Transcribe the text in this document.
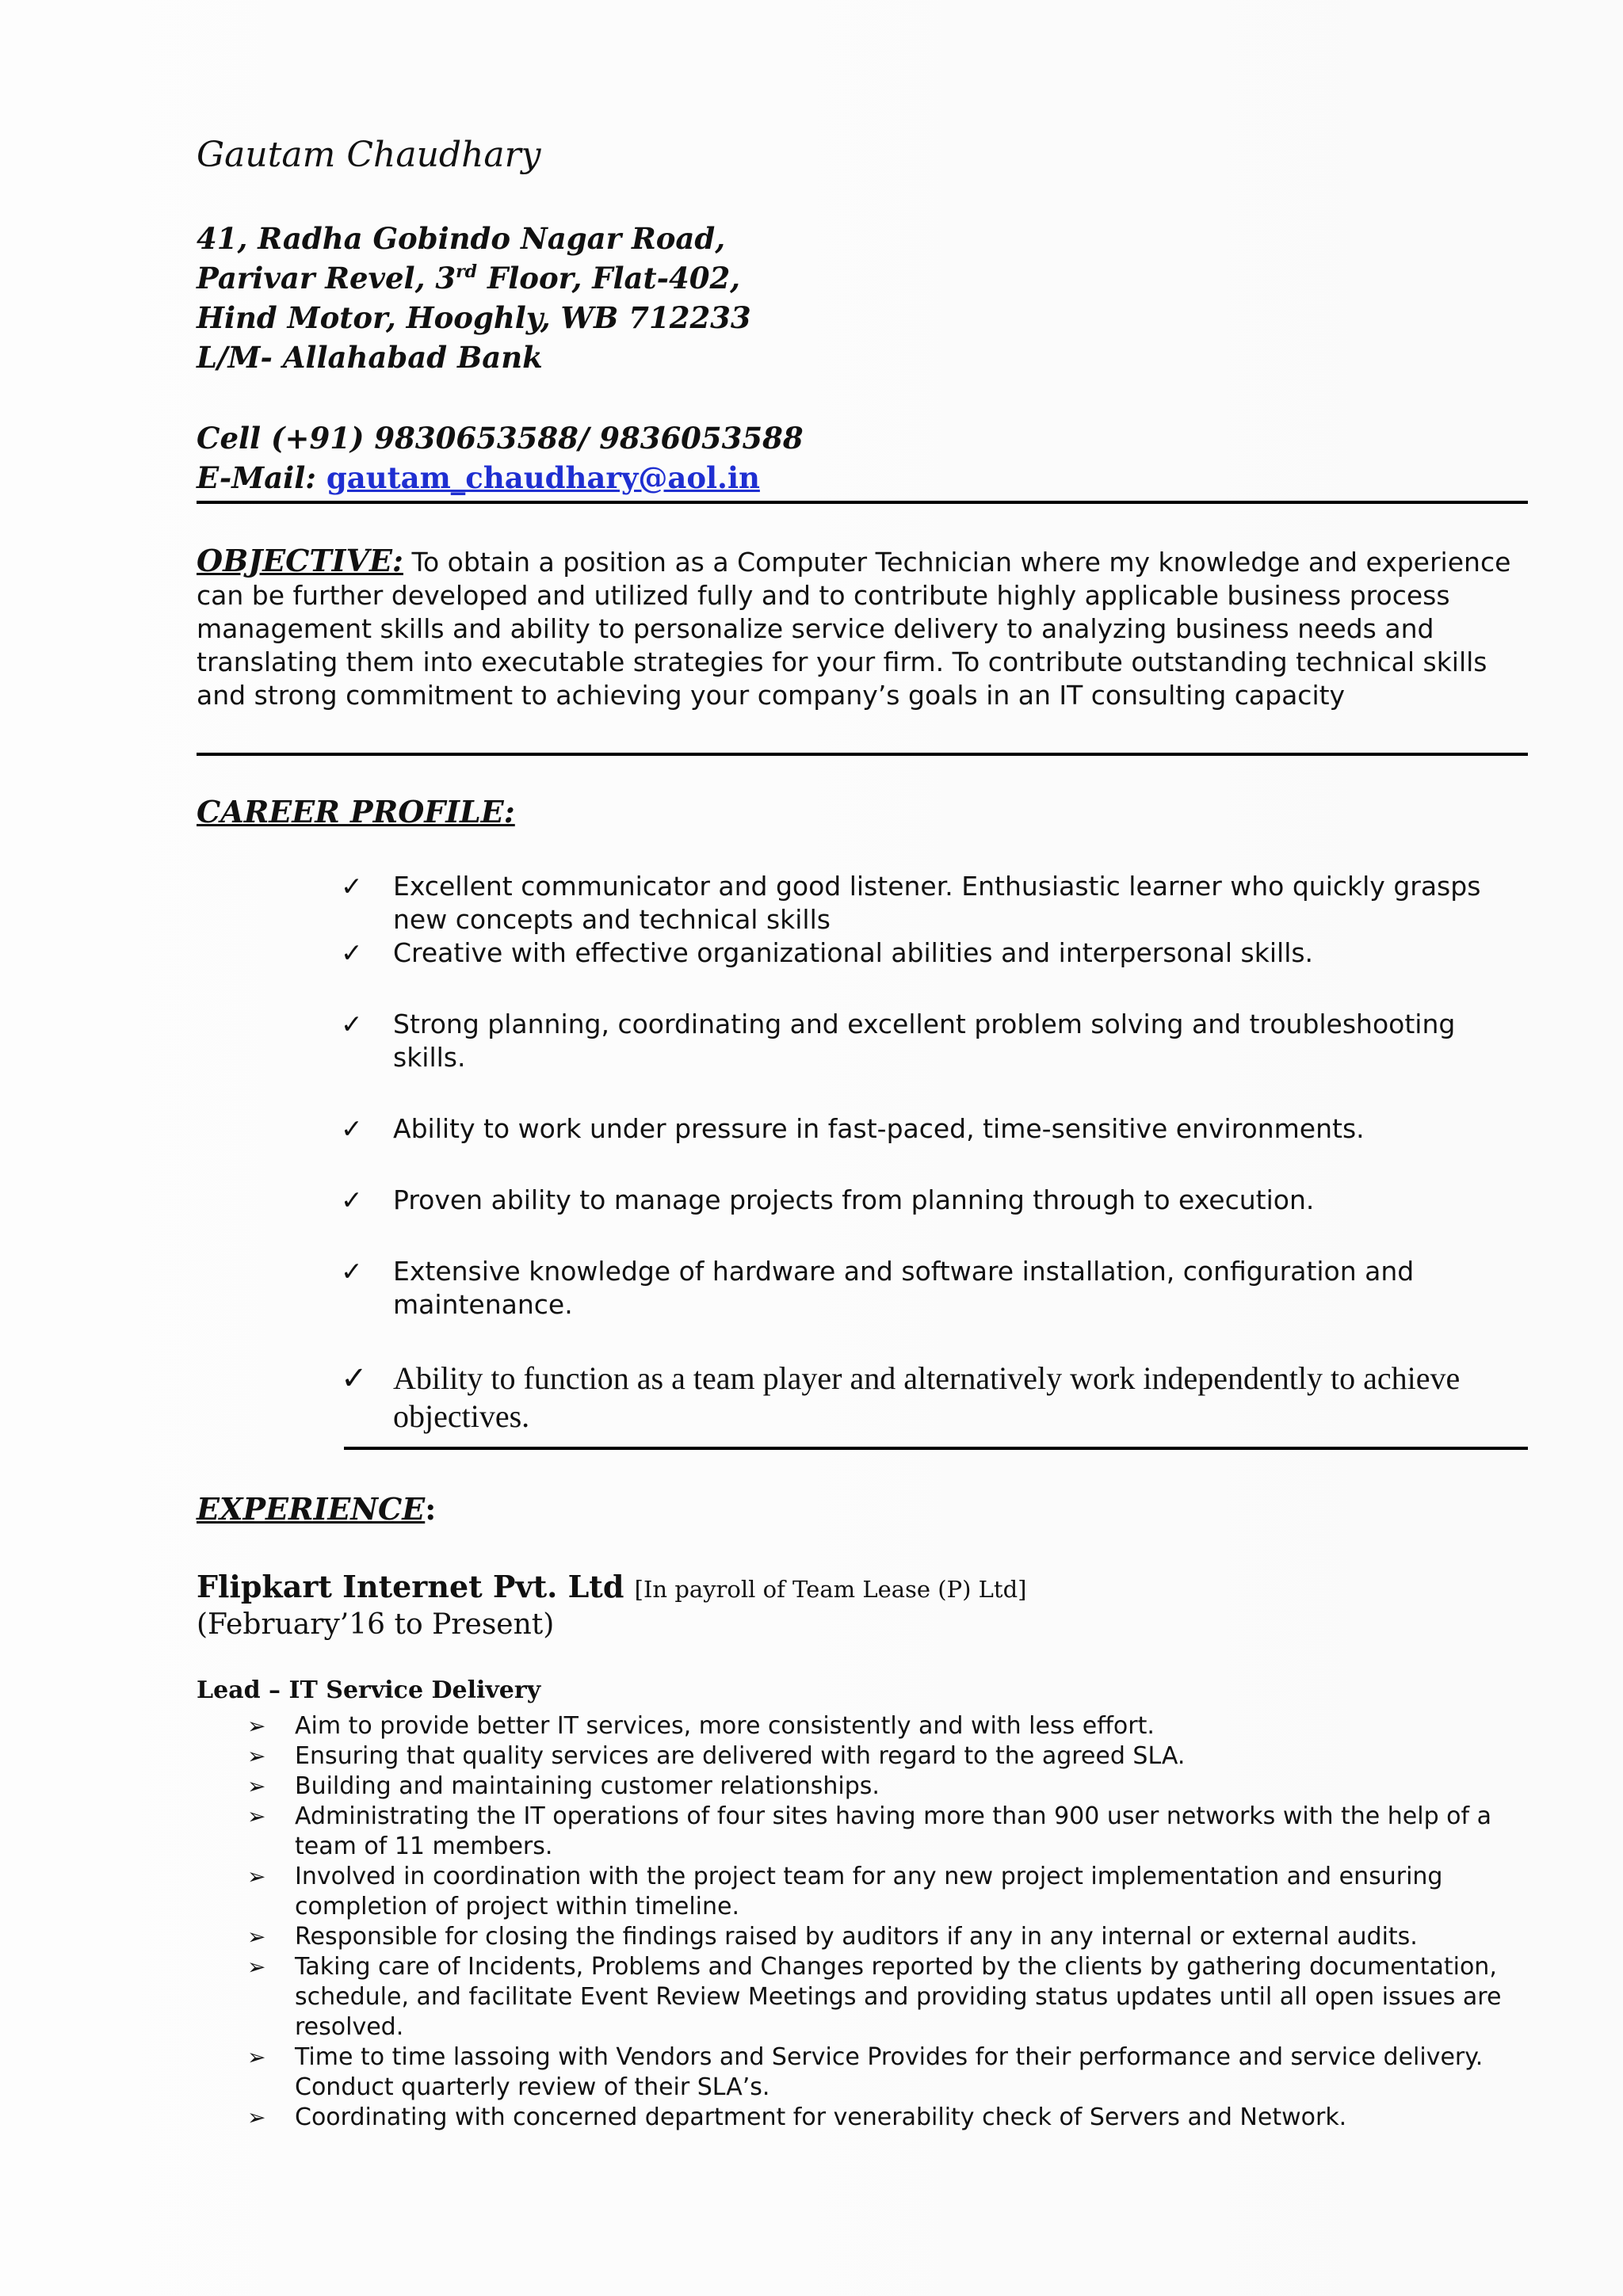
Gautam Chaudhary
41, Radha Gobindo Nagar Road,
Parivar Revel, 3rd Floor, Flat-402,
Hind Motor, Hooghly, WB 712233
L/M- Allahabad Bank
Cell (+91) 9830653588/ 9836053588
E-Mail: gautam_chaudhary@aol.in
OBJECTIVE: To obtain a position as a Computer Technician where my knowledge and experience can be further developed and utilized fully and to contribute highly applicable business process management skills and ability to personalize service delivery to analyzing business needs and translating them into executable strategies for your firm. To contribute outstanding technical skills and strong commitment to achieving your company’s goals in an IT consulting capacity
CAREER PROFILE:
✓ Excellent communicator and good listener. Enthusiastic learner who quickly grasps new concepts and technical skills
✓ Creative with effective organizational abilities and interpersonal skills.
✓ Strong planning, coordinating and excellent problem solving and troubleshooting skills.
✓ Ability to work under pressure in fast-paced, time-sensitive environments.
✓ Proven ability to manage projects from planning through to execution.
✓ Extensive knowledge of hardware and software installation, configuration and maintenance.
✓ Ability to function as a team player and alternatively work independently to achieve objectives.
EXPERIENCE:
Flipkart Internet Pvt. Ltd [In payroll of Team Lease (P) Ltd]
(February’16 to Present)
Lead – IT Service Delivery
➢ Aim to provide better IT services, more consistently and with less effort.
➢ Ensuring that quality services are delivered with regard to the agreed SLA.
➢ Building and maintaining customer relationships.
➢ Administrating the IT operations of four sites having more than 900 user networks with the help of a team of 11 members.
➢ Involved in coordination with the project team for any new project implementation and ensuring completion of project within timeline.
➢ Responsible for closing the findings raised by auditors if any in any internal or external audits.
➢ Taking care of Incidents, Problems and Changes reported by the clients by gathering documentation, schedule, and facilitate Event Review Meetings and providing status updates until all open issues are resolved.
➢ Time to time lassoing with Vendors and Service Provides for their performance and service delivery. Conduct quarterly review of their SLA’s.
➢ Coordinating with concerned department for venerability check of Servers and Network.
